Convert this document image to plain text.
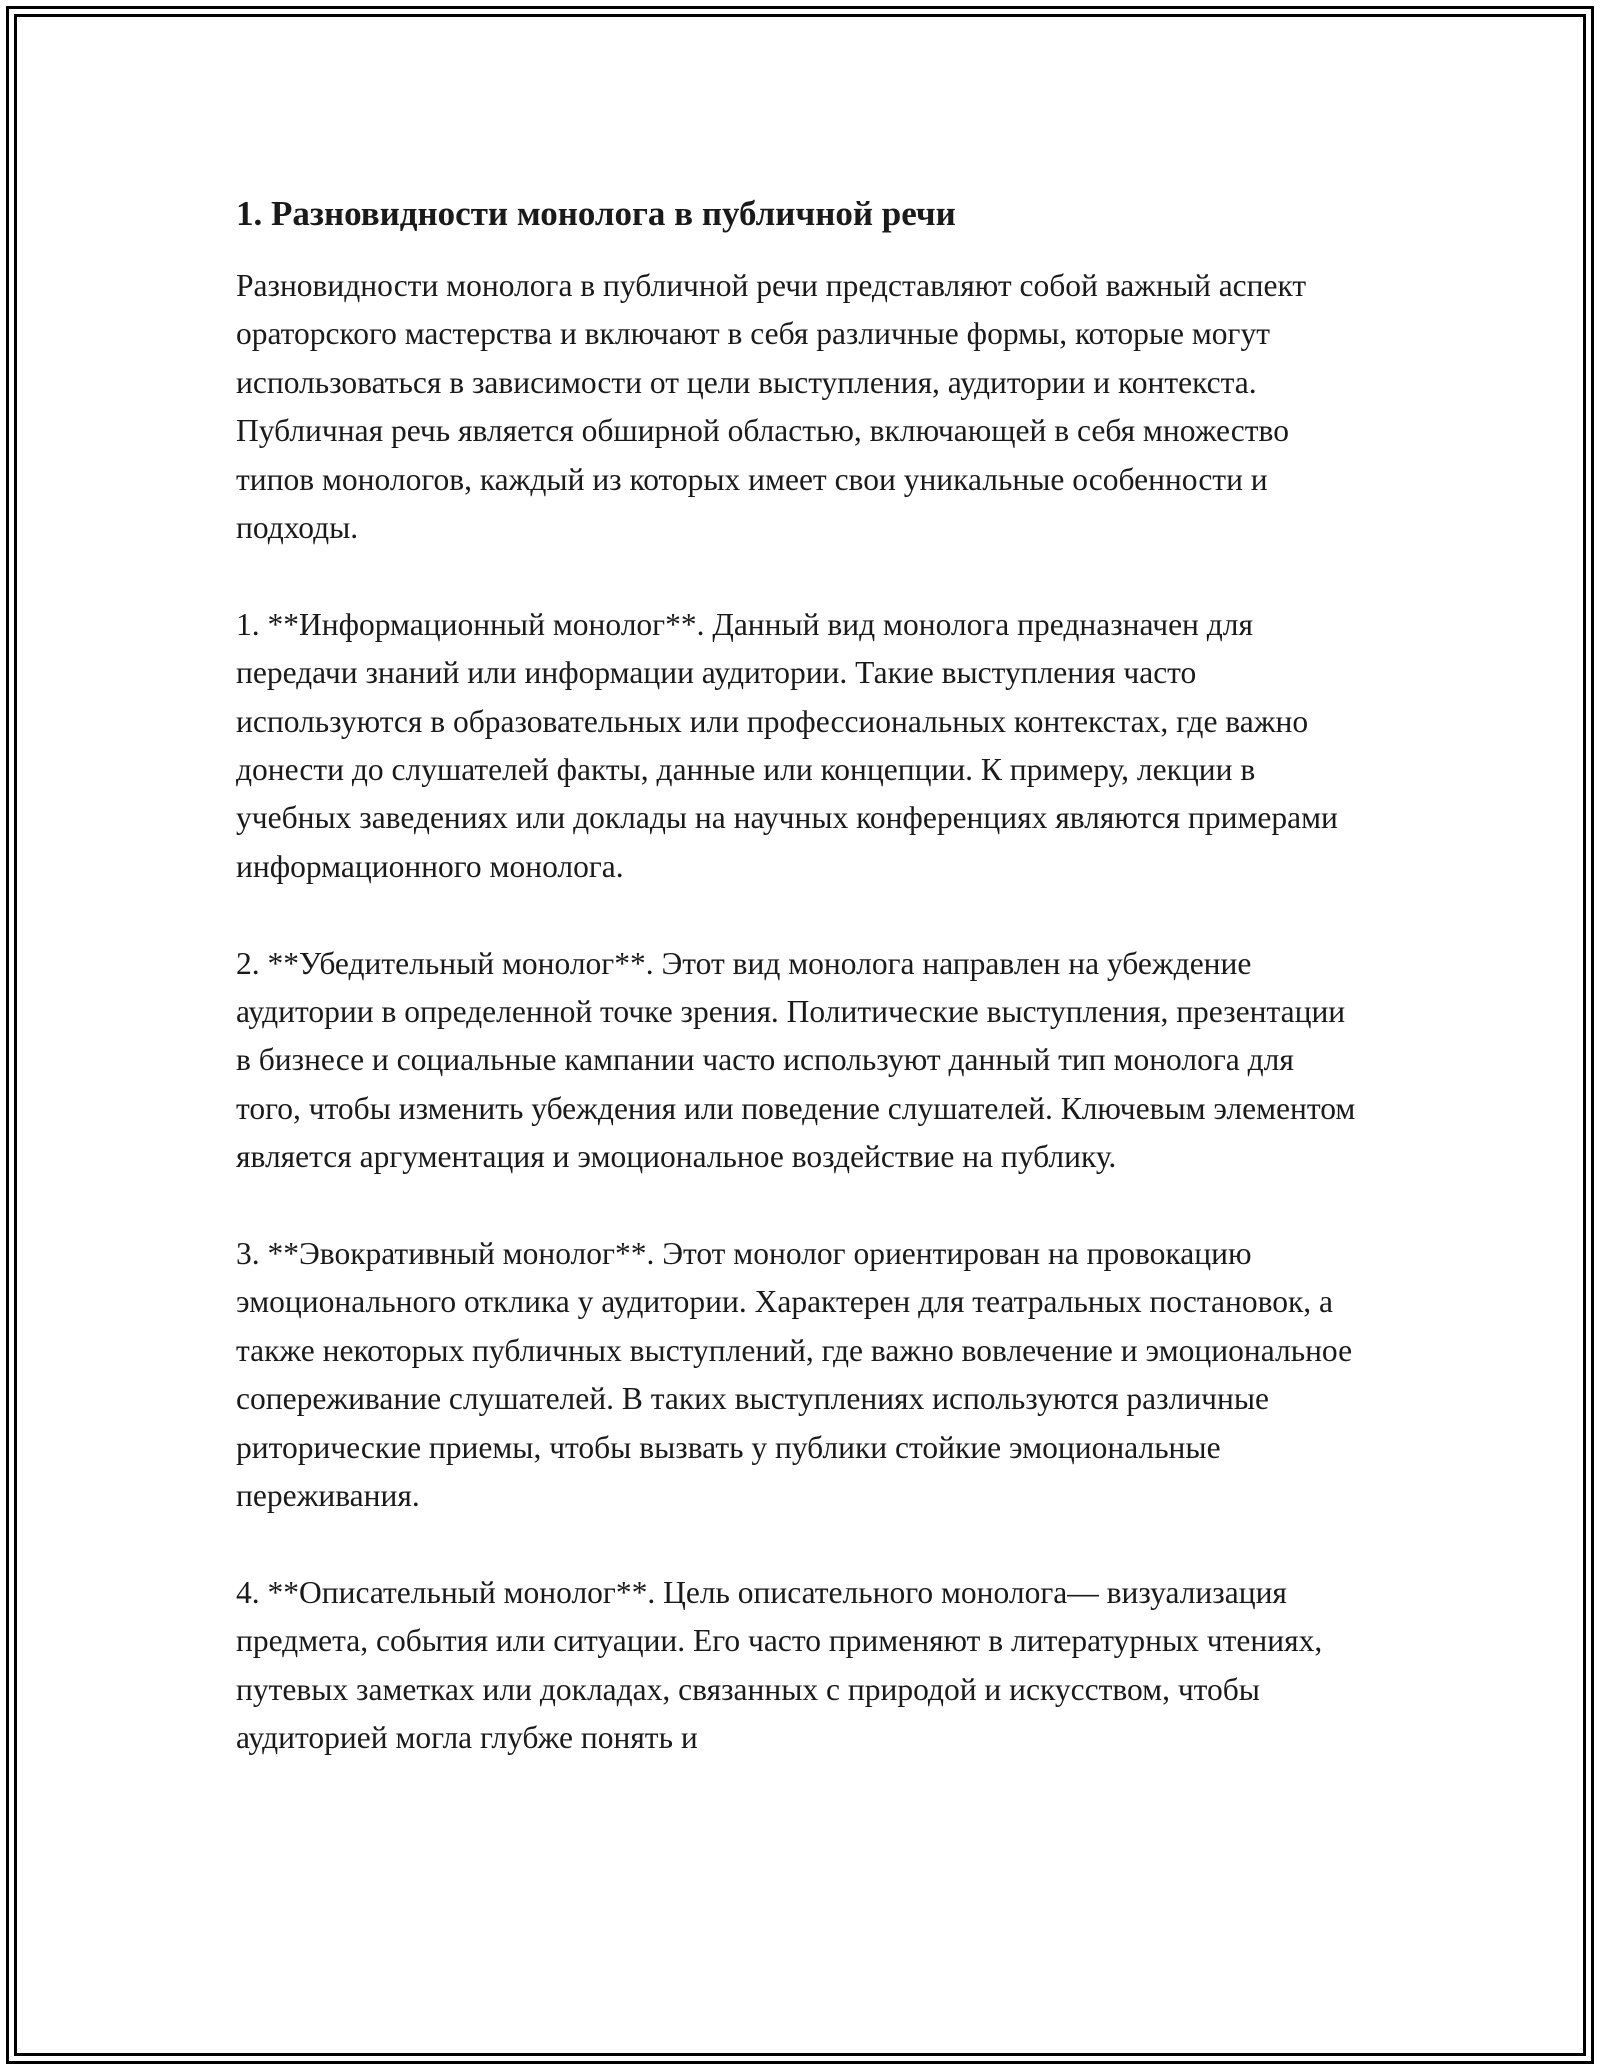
1. Разновидности монолога в публичной речи

Разновидности монолога в публичной речи представляют собой важный аспект ораторского мастерства и включают в себя различные формы, которые могут использоваться в зависимости от цели выступления, аудитории и контекста. Публичная речь является обширной областью, включающей в себя множество типов монологов, каждый из которых имеет свои уникальные особенности и подходы.

1. **Информационный монолог**. Данный вид монолога предназначен для передачи знаний или информации аудитории. Такие выступления часто используются в образовательных или профессиональных контекстах, где важно донести до слушателей факты, данные или концепции. К примеру, лекции в учебных заведениях или доклады на научных конференциях являются примерами информационного монолога.

2. **Убедительный монолог**. Этот вид монолога направлен на убеждение аудитории в определенной точке зрения. Политические выступления, презентации в бизнесе и социальные кампании часто используют данный тип монолога для того, чтобы изменить убеждения или поведение слушателей. Ключевым элементом является аргументация и эмоциональное воздействие на публику.

3. **Эвокративный монолог**. Этот монолог ориентирован на провокацию эмоционального отклика у аудитории. Характерен для театральных постановок, а также некоторых публичных выступлений, где важно вовлечение и эмоциональное сопереживание слушателей. В таких выступлениях используются различные риторические приемы, чтобы вызвать у публики стойкие эмоциональные переживания.

4. **Описательный монолог**. Цель описательного монолога— визуализация предмета, события или ситуации. Его часто применяют в литературных чтениях, путевых заметках или докладах, связанных с природой и искусством, чтобы аудиторией могла глубже понять и
